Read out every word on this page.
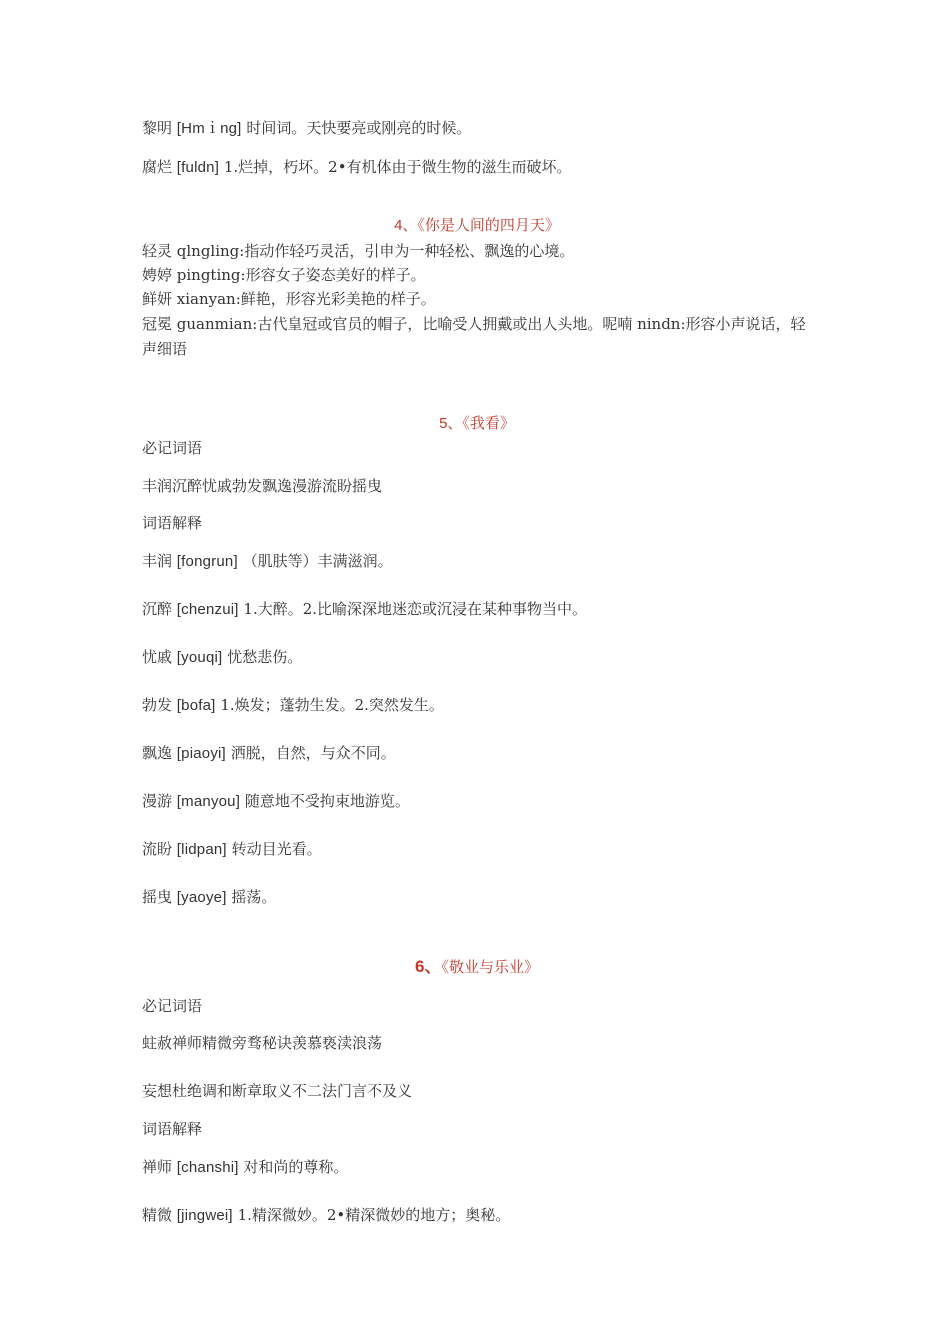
黎明 [Hmｉng] 时间词。天快要亮或刚亮的时候。
腐烂 [fuldn] 1.烂掉，朽坏。2•有机体由于微生物的滋生而破坏。
4、《你是人间的四月天》
轻灵 qlngling:指动作轻巧灵活，引申为一种轻松、飘逸的心境。
娉婷 pingting:形容女子姿态美好的样子。
鲜妍 xianyan:鲜艳，形容光彩美艳的样子。
冠冕 guanmian:古代皇冠或官员的帽子，比喻受人拥戴或出人头地。呢喃 nindn:形容小声说话，轻声细语
5、《我看》
必记词语
丰润沉醉忧戚勃发飘逸漫游流盼摇曳
词语解释
丰润 [fongrun] （肌肤等）丰满滋润。
沉醉 [chenzui] 1.大醉。2.比喻深深地迷恋或沉浸在某种事物当中。
忧戚 [youqi] 忧愁悲伤。
勃发 [bofa] 1.焕发；蓬勃生发。2.突然发生。
飘逸 [piaoyi] 洒脱，自然，与众不同。
漫游 [manyou] 随意地不受拘束地游览。
流盼 [lidpan] 转动目光看。
摇曳 [yaoye] 摇荡。
6、《敬业与乐业》
必记词语
蛀赦禅师精微旁骛秘诀羡慕亵渎浪荡
妄想杜绝调和断章取义不二法门言不及义
词语解释
禅师 [chanshi] 对和尚的尊称。
精微 [jingwei] 1.精深微妙。2•精深微妙的地方；奥秘。
